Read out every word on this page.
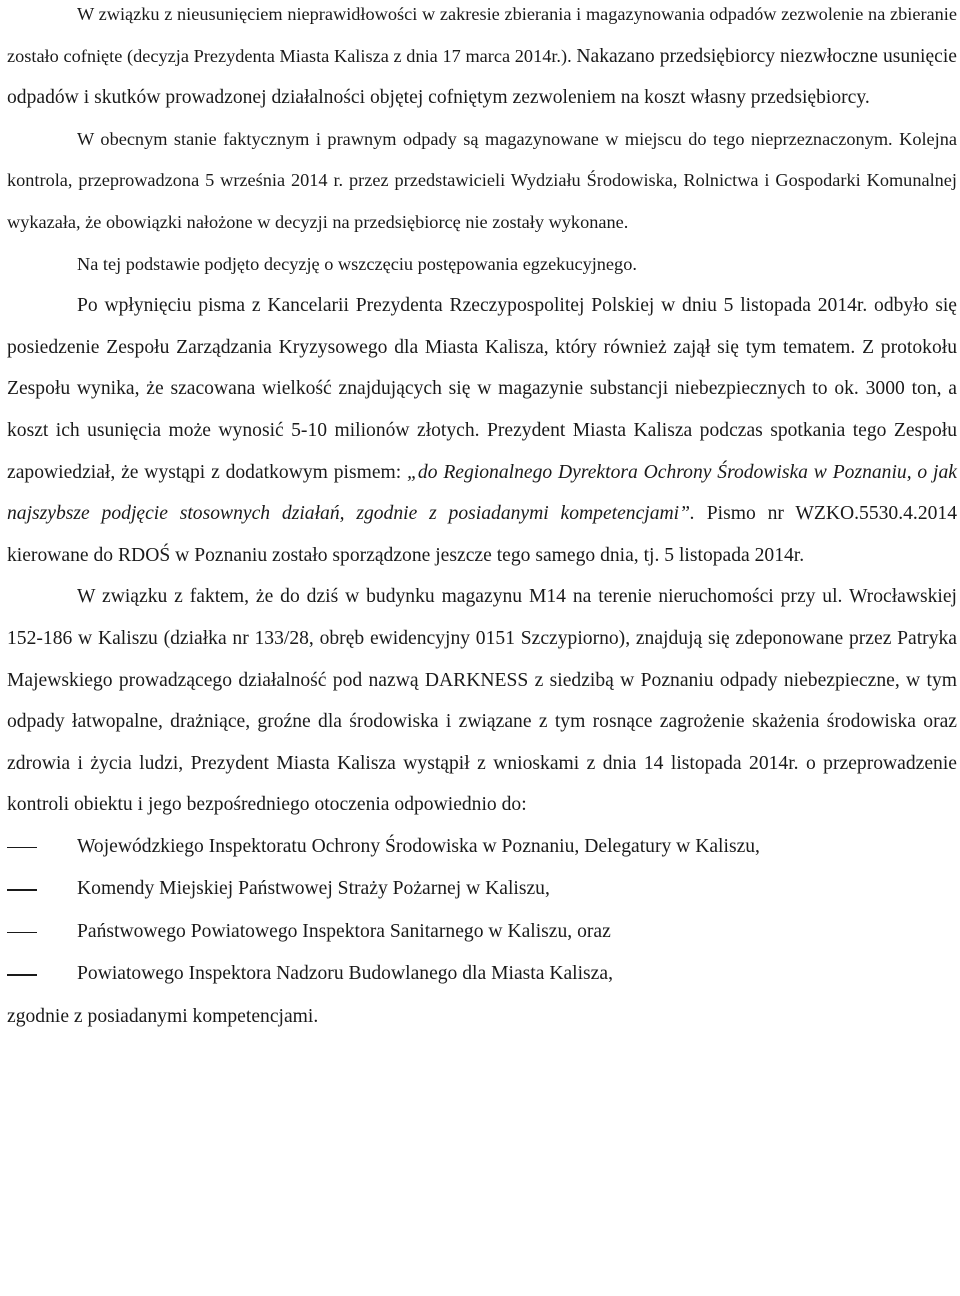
W związku z nieusunięciem nieprawidłowości w zakresie zbierania i magazynowania odpadów zezwolenie na zbieranie zostało cofnięte (decyzja Prezydenta Miasta Kalisza z dnia 17 marca 2014r.). Nakazano przedsiębiorcy niezwłoczne usunięcie odpadów i skutków prowadzonej działalności objętej cofniętym zezwoleniem na koszt własny przedsiębiorcy.

W obecnym stanie faktycznym i prawnym odpady są magazynowane w miejscu do tego nieprzeznaczonym. Kolejna kontrola, przeprowadzona 5 września 2014 r. przez przedstawicieli Wydziału Środowiska, Rolnictwa i Gospodarki Komunalnej wykazała, że obowiązki nałożone w decyzji na przedsiębiorcę nie zostały wykonane.

Na tej podstawie podjęto decyzję o wszczęciu postępowania egzekucyjnego.

Po wpłynięciu pisma z Kancelarii Prezydenta Rzeczypospolitej Polskiej w dniu 5 listopada 2014r. odbyło się posiedzenie Zespołu Zarządzania Kryzysowego dla Miasta Kalisza, który również zajął się tym tematem. Z protokołu Zespołu wynika, że szacowana wielkość znajdujących się w magazynie substancji niebezpiecznych to ok. 3000 ton, a koszt ich usunięcia może wynosić 5-10 milionów złotych. Prezydent Miasta Kalisza podczas spotkania tego Zespołu zapowiedział, że wystąpi z dodatkowym pismem: „do Regionalnego Dyrektora Ochrony Środowiska w Poznaniu, o jak najszybsze podjęcie stosownych działań, zgodnie z posiadanymi kompetencjami”. Pismo nr WZKO.5530.4.2014 kierowane do RDOŚ w Poznaniu zostało sporządzone jeszcze tego samego dnia, tj. 5 listopada 2014r.

W związku z faktem, że do dziś w budynku magazynu M14 na terenie nieruchomości przy ul. Wrocławskiej 152-186 w Kaliszu (działka nr 133/28, obręb ewidencyjny 0151 Szczypiorno), znajdują się zdeponowane przez Patryka Majewskiego prowadzącego działalność pod nazwą DARKNESS z siedzibą w Poznaniu odpady niebezpieczne, w tym odpady łatwopalne, drażniące, groźne dla środowiska i związane z tym rosnące zagrożenie skażenia środowiska oraz zdrowia i życia ludzi, Prezydent Miasta Kalisza wystąpił z wnioskami z dnia 14 listopada 2014r. o przeprowadzenie kontroli obiektu i jego bezpośredniego otoczenia odpowiednio do:

Wojewódzkiego Inspektoratu Ochrony Środowiska w Poznaniu, Delegatury w Kaliszu,
Komendy Miejskiej Państwowej Straży Pożarnej w Kaliszu,
Państwowego Powiatowego Inspektora Sanitarnego w Kaliszu, oraz
Powiatowego Inspektora Nadzoru Budowlanego dla Miasta Kalisza,

zgodnie z posiadanymi kompetencjami.
